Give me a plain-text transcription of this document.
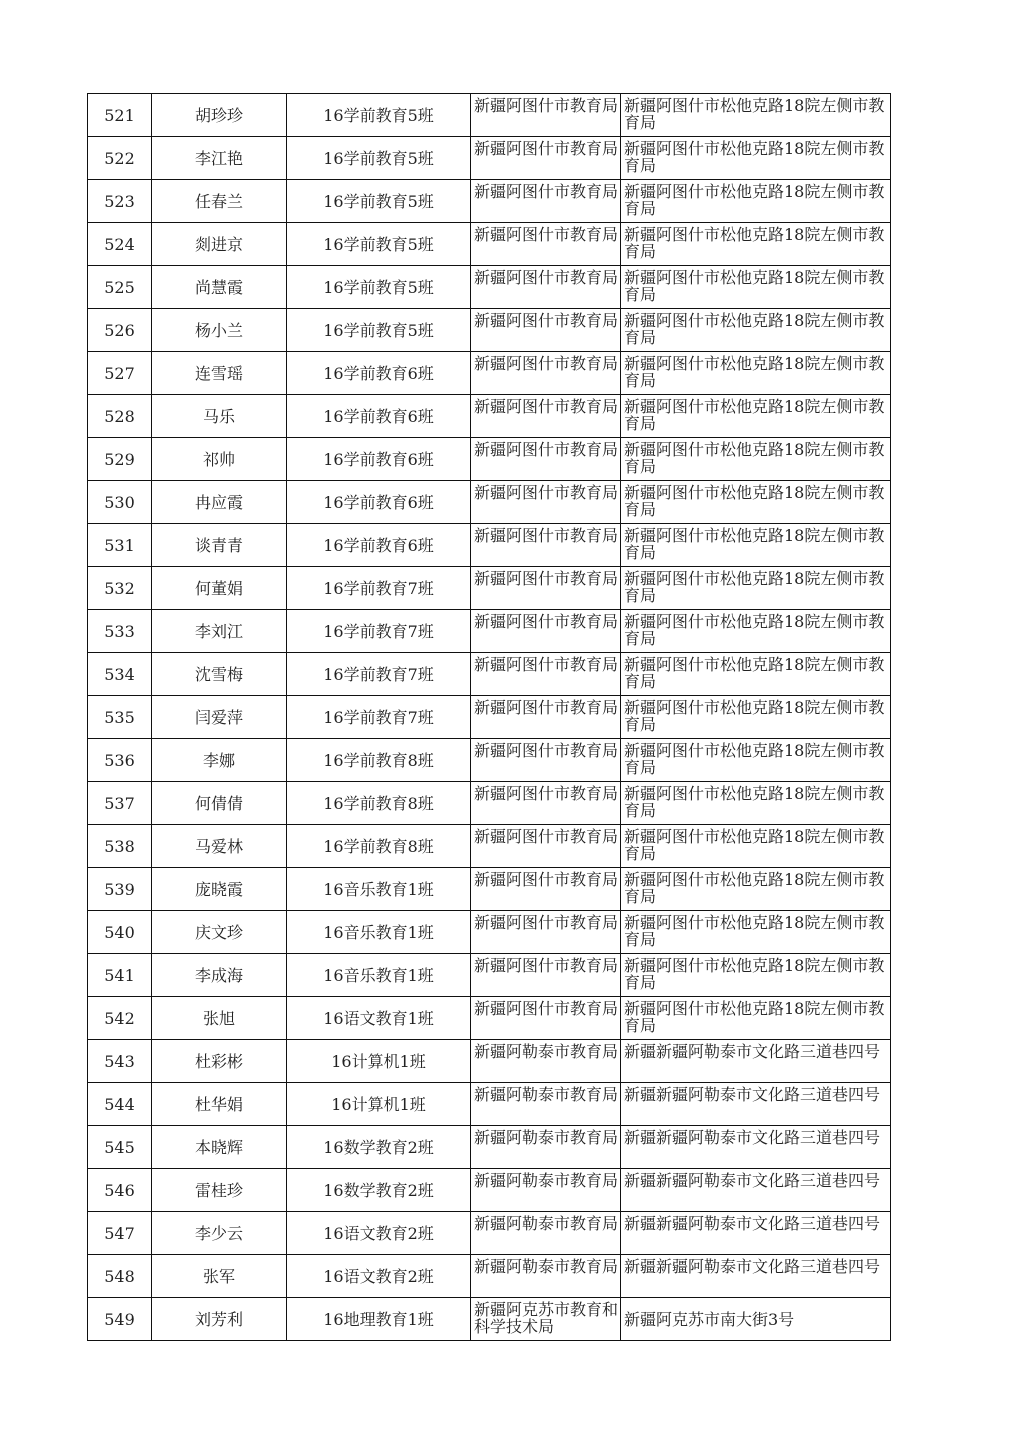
521	胡珍珍	16学前教育5班	新疆阿图什市教育局	新疆阿图什市松他克路18院左侧市教育局
522	李江艳	16学前教育5班	新疆阿图什市教育局	新疆阿图什市松他克路18院左侧市教育局
523	任春兰	16学前教育5班	新疆阿图什市教育局	新疆阿图什市松他克路18院左侧市教育局
524	剡进京	16学前教育5班	新疆阿图什市教育局	新疆阿图什市松他克路18院左侧市教育局
525	尚慧霞	16学前教育5班	新疆阿图什市教育局	新疆阿图什市松他克路18院左侧市教育局
526	杨小兰	16学前教育5班	新疆阿图什市教育局	新疆阿图什市松他克路18院左侧市教育局
527	连雪瑶	16学前教育6班	新疆阿图什市教育局	新疆阿图什市松他克路18院左侧市教育局
528	马乐	16学前教育6班	新疆阿图什市教育局	新疆阿图什市松他克路18院左侧市教育局
529	祁帅	16学前教育6班	新疆阿图什市教育局	新疆阿图什市松他克路18院左侧市教育局
530	冉应霞	16学前教育6班	新疆阿图什市教育局	新疆阿图什市松他克路18院左侧市教育局
531	谈青青	16学前教育6班	新疆阿图什市教育局	新疆阿图什市松他克路18院左侧市教育局
532	何董娟	16学前教育7班	新疆阿图什市教育局	新疆阿图什市松他克路18院左侧市教育局
533	李刘江	16学前教育7班	新疆阿图什市教育局	新疆阿图什市松他克路18院左侧市教育局
534	沈雪梅	16学前教育7班	新疆阿图什市教育局	新疆阿图什市松他克路18院左侧市教育局
535	闫爱萍	16学前教育7班	新疆阿图什市教育局	新疆阿图什市松他克路18院左侧市教育局
536	李娜	16学前教育8班	新疆阿图什市教育局	新疆阿图什市松他克路18院左侧市教育局
537	何倩倩	16学前教育8班	新疆阿图什市教育局	新疆阿图什市松他克路18院左侧市教育局
538	马爱林	16学前教育8班	新疆阿图什市教育局	新疆阿图什市松他克路18院左侧市教育局
539	庞晓霞	16音乐教育1班	新疆阿图什市教育局	新疆阿图什市松他克路18院左侧市教育局
540	庆文珍	16音乐教育1班	新疆阿图什市教育局	新疆阿图什市松他克路18院左侧市教育局
541	李成海	16音乐教育1班	新疆阿图什市教育局	新疆阿图什市松他克路18院左侧市教育局
542	张旭	16语文教育1班	新疆阿图什市教育局	新疆阿图什市松他克路18院左侧市教育局
543	杜彩彬	16计算机1班	新疆阿勒泰市教育局	新疆新疆阿勒泰市文化路三道巷四号
544	杜华娟	16计算机1班	新疆阿勒泰市教育局	新疆新疆阿勒泰市文化路三道巷四号
545	本晓辉	16数学教育2班	新疆阿勒泰市教育局	新疆新疆阿勒泰市文化路三道巷四号
546	雷桂珍	16数学教育2班	新疆阿勒泰市教育局	新疆新疆阿勒泰市文化路三道巷四号
547	李少云	16语文教育2班	新疆阿勒泰市教育局	新疆新疆阿勒泰市文化路三道巷四号
548	张军	16语文教育2班	新疆阿勒泰市教育局	新疆新疆阿勒泰市文化路三道巷四号
549	刘芳利	16地理教育1班	新疆阿克苏市教育和科学技术局	新疆阿克苏市南大街3号
